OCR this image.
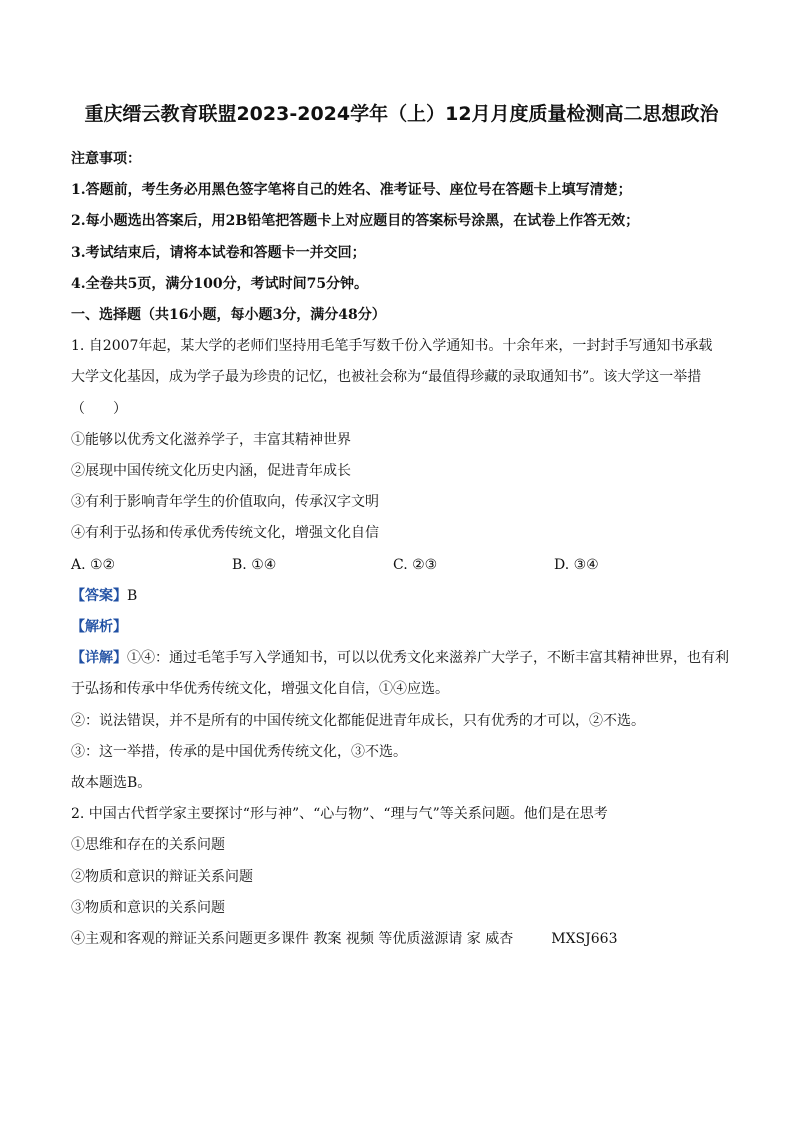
重庆缙云教育联盟2023-2024学年（上）12月月度质量检测高二思想政治
注意事项：
1.答题前，考生务必用黑色签字笔将自己的姓名、准考证号、座位号在答题卡上填写清楚；
2.每小题选出答案后，用2B铅笔把答题卡上对应题目的答案标号涂黑，在试卷上作答无效；
3.考试结束后，请将本试卷和答题卡一并交回；
4.全卷共5页，满分100分，考试时间75分钟。
一、选择题（共16小题，每小题3分，满分48分）
1. 自2007年起，某大学的老师们坚持用毛笔手写数千份入学通知书。十余年来，一封封手写通知书承载
大学文化基因，成为学子最为珍贵的记忆，也被社会称为“最值得珍藏的录取通知书”。该大学这一举措
（　　）
①能够以优秀文化滋养学子，丰富其精神世界
②展现中国传统文化历史内涵，促进青年成长
③有利于影响青年学生的价值取向，传承汉字文明
④有利于弘扬和传承优秀传统文化，增强文化自信
A. ①②	B. ①④	C. ②③	D. ③④
【答案】B
【解析】
【详解】①④：通过毛笔手写入学通知书，可以以优秀文化来滋养广大学子，不断丰富其精神世界，也有利于弘扬和传承中华优秀传统文化，增强文化自信，①④应选。
②：说法错误，并不是所有的中国传统文化都能促进青年成长，只有优秀的才可以，②不选。
③：这一举措，传承的是中国优秀传统文化，③不选。
故本题选B。
2. 中国古代哲学家主要探讨“形与神”、“心与物”、“理与气”等关系问题。他们是在思考
①思维和存在的关系问题
②物质和意识的辩证关系问题
③物质和意识的关系问题
④主观和客观的辩证关系问题更多课件 教案 视频 等优质滋源请 家 威杏	MXSJ663
